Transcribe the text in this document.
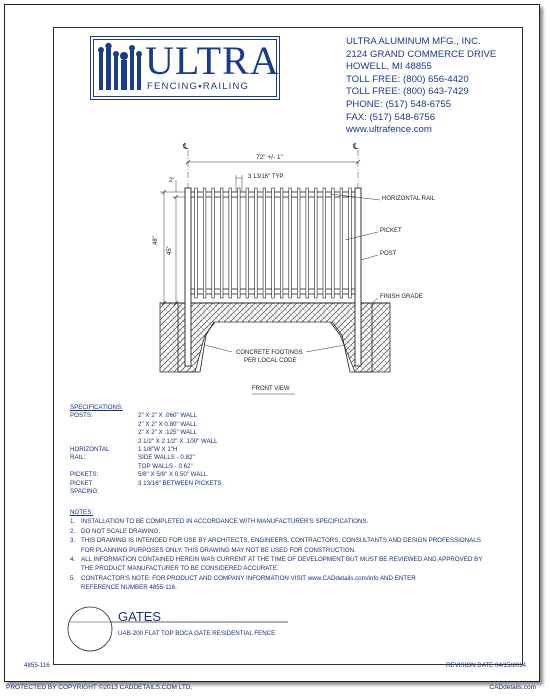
ULTRA
FENCING▪RAILING
ULTRA ALUMINUM MFG., INC.
2124 GRAND COMMERCE DRIVE
HOWELL, MI 48855
TOLL FREE: (800) 656-4420
TOLL FREE: (800) 643-7429
PHONE: (517) 548-6755
FAX: (517) 548-6756
www.ultrafence.com
℄	℄
72" +/- 1"
3 13/16" TYP.
2"
48"
45"
HORIZONTAL RAIL
PICKET
POST
FINISH GRADE
CONCRETE FOOTINGS
PER LOCAL CODE
FRONT VIEW
SPECIFICATIONS:
POSTS:	2" X 2" X .060" WALL
2" X 2" X 0.80" WALL
2" X 2" X .125" WALL
2 1/2" X 2 1/2" X .100" WALL
HORIZONTAL RAIL:
1 1/8"W X 1"H
SIDE WALLS - 0.82"
TOP WALLS - 0.62"
PICKETS:	5/8" X 5/8" X 0.50" WALL
PICKET SPACING:
3 13/16" BETWEEN PICKETS
NOTES:
1. INSTALLATION TO BE COMPLETED IN ACCORDANCE WITH MANUFACTURER'S SPECIFICATIONS.
2. DO NOT SCALE DRAWING.
3. THIS DRAWING IS INTENDED FOR USE BY ARCHITECTS, ENGINEERS, CONTRACTORS, CONSULTANTS AND DESIGN PROFESSIONALS
FOR PLANNING PURPOSES ONLY. THIS DRAWING MAY NOT BE USED FOR CONSTRUCTION.
4. ALL INFORMATION CONTAINED HEREIN WAS CURRENT AT THE TIME OF DEVELOPMENT BUT MUST BE REVIEWED AND APPROVED BY
THE PRODUCT MANUFACTURER TO BE CONSIDERED ACCURATE.
5. CONTRACTOR'S NOTE: FOR PRODUCT AND COMPANY INFORMATION VISIT www.CADdetails.com/info AND ENTER
REFERENCE NUMBER 4855-116.
GATES
UAB-200 FLAT TOP BOCA GATE RESIDENTIAL FENCE
4855-116	REVISION DATE 04/15/2014
PROTECTED BY COPYRIGHT ©2013 CADDETAILS.COM LTD.	CADdetails.com
